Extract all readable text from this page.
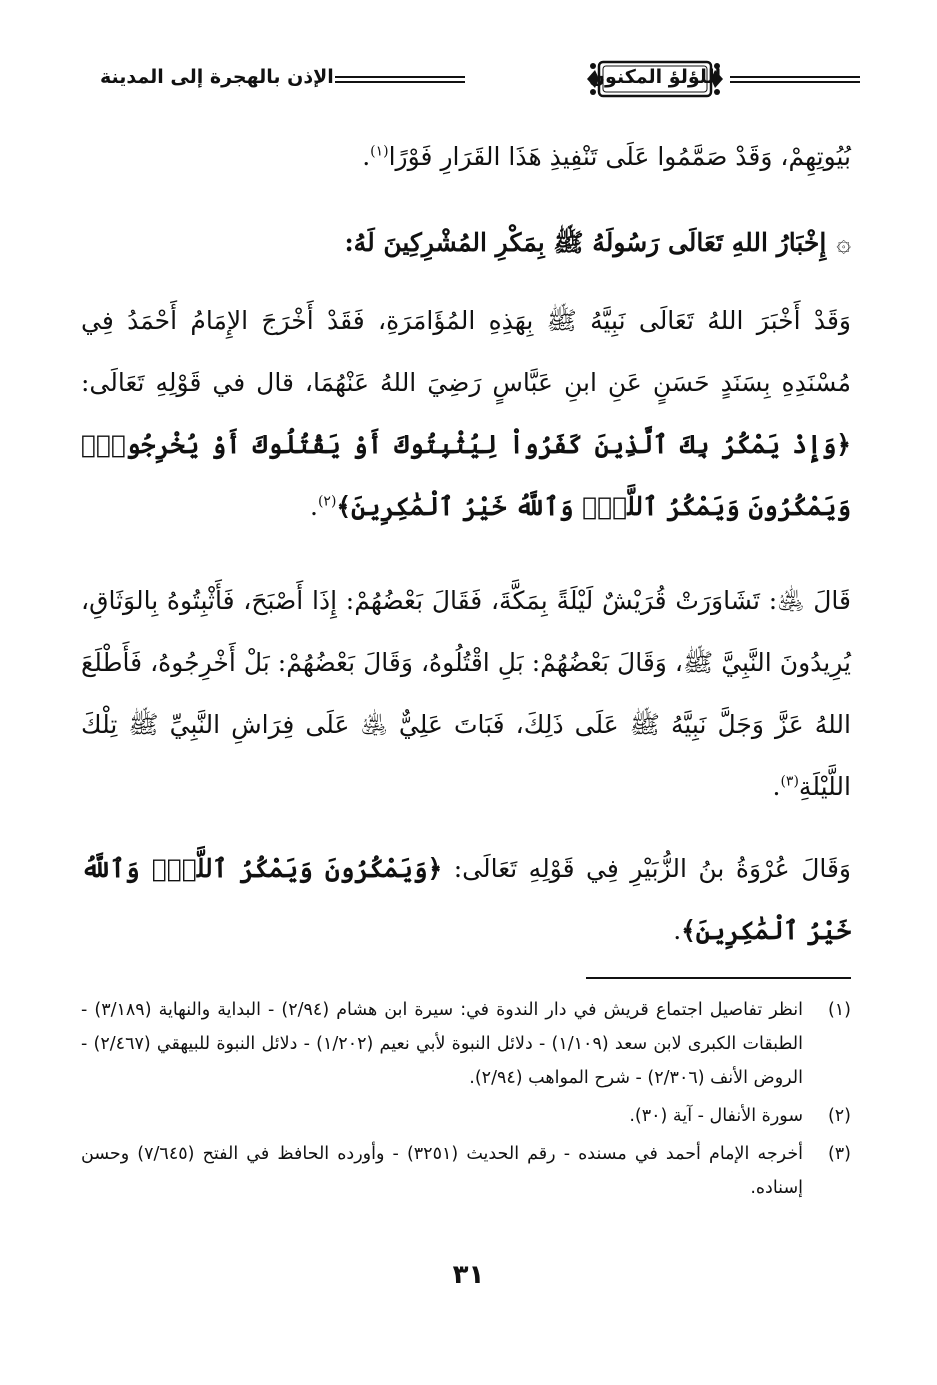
اللؤلؤ المكنون
الإذن بالهجرة إلى المدينة
بُيُوتِهِمْ، وَقَدْ صَمَّمُوا عَلَى تَنْفِيذِ هَذَا القَرَارِ فَوْرًا$^{(١)}$.
۞إِخْبَارُ اللهِ تَعَالَى رَسُولَهُ ﷺ بِمَكْرِ المُشْرِكِينَ لَهُ:
وَقَدْ أَخْبَرَ اللهُ تَعَالَى نَبِيَّهُ ﷺ بِهَذِهِ المُؤَامَرَةِ، فَقَدْ أَخْرَجَ الإِمَامُ أَحْمَدُ فِي مُسْنَدِهِ بِسَنَدٍ حَسَنٍ عَنِ ابنِ عَبَّاسٍ رَضِيَ اللهُ عَنْهُمَا، قال في قَوْلِهِ تَعَالَى: ﴿وَإِذْ يَمْكُرُ بِكَ ٱلَّذِينَ كَفَرُواْ لِيُثْبِتُوكَ أَوْ يَقْتُلُوكَ أَوْ يُخْرِجُوكَۚ وَيَمْكُرُونَ وَيَمْكُرُ ٱللَّهُۖ وَٱللَّهُ خَيْرُ ٱلْمَٰكِرِينَ﴾$^{(٢)}$.
قَالَ ﵁: تَشَاوَرَتْ قُرَيْشٌ لَيْلَةً بِمَكَّةَ، فَقَالَ بَعْضُهُمْ: إِذَا أَصْبَحَ، فَأَثْبِتُوهُ بِالوَثَاقِ، يُرِيدُونَ النَّبِيَّ ﷺ، وَقَالَ بَعْضُهُمْ: بَلِ اقْتُلُوهُ، وَقَالَ بَعْضُهُمْ: بَلْ أَخْرِجُوهُ، فَأَطْلَعَ اللهُ عَزَّ وَجَلَّ نَبِيَّهُ ﷺ عَلَى ذَلِكَ، فَبَاتَ عَلِيٌّ ﵁ عَلَى فِرَاشِ النَّبِيِّ ﷺ تِلْكَ اللَّيْلَةِ$^{(٣)}$.
وَقَالَ عُرْوَةُ بنُ الزُّبَيْرِ فِي قَوْلِهِ تَعَالَى: ﴿وَيَمْكُرُونَ وَيَمْكُرُ ٱللَّهُۖ وَٱللَّهُ خَيْرُ ٱلْمَٰكِرِينَ﴾.
(١)
انظر تفاصيل اجتماع قريش في دار الندوة في: سيرة ابن هشام (٢/٩٤) - البداية والنهاية (٣/١٨٩) - الطبقات الكبرى لابن سعد (١/١٠٩) - دلائل النبوة لأبي نعيم (١/٢٠٢) - دلائل النبوة للبيهقي (٢/٤٦٧) - الروض الأنف (٢/٣٠٦) - شرح المواهب (٢/٩٤).
(٢)
سورة الأنفال - آية (٣٠).
(٣)
أخرجه الإمام أحمد في مسنده - رقم الحديث (٣٢٥١) - وأورده الحافظ في الفتح (٧/٦٤٥) وحسن إسناده.
٣١
